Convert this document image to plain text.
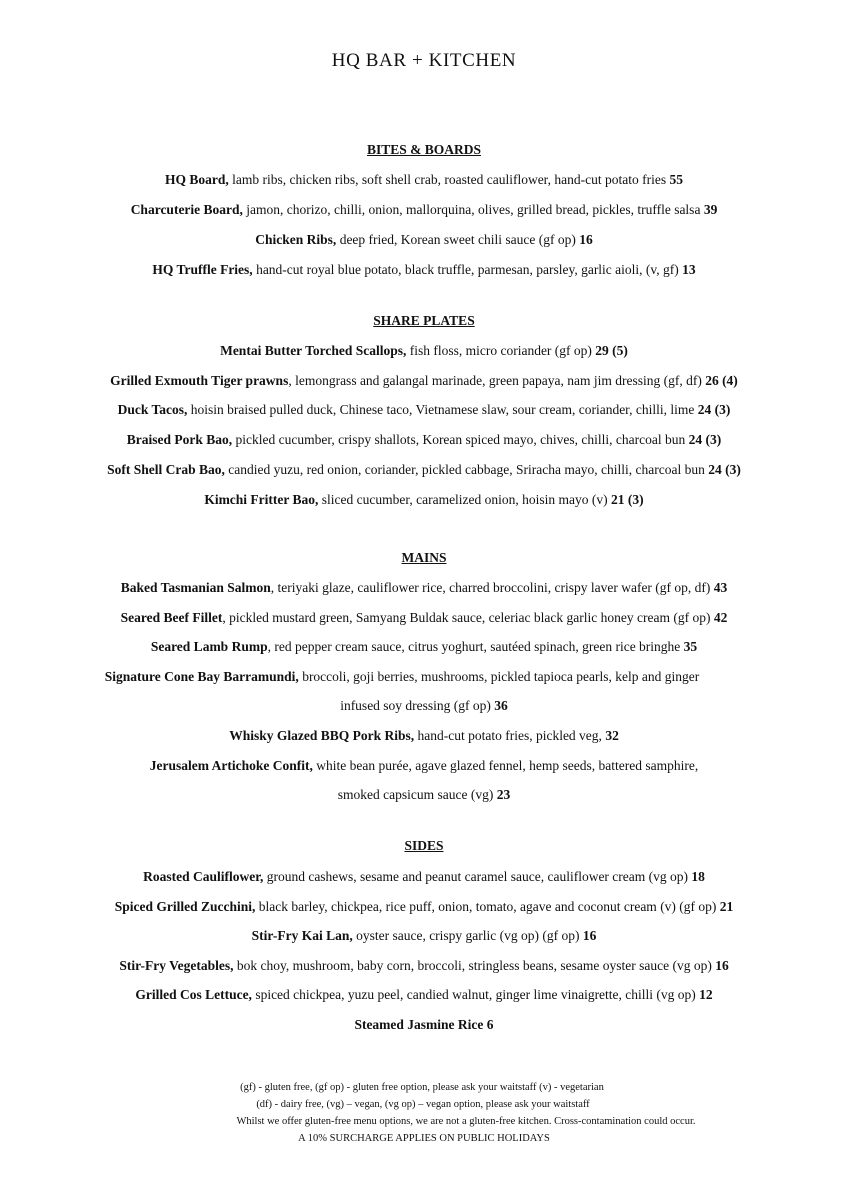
HQ BAR + KITCHEN
BITES & BOARDS
HQ Board, lamb ribs, chicken ribs, soft shell crab, roasted cauliflower, hand-cut potato fries 55
Charcuterie Board, jamon, chorizo, chilli, onion, mallorquina, olives, grilled bread, pickles, truffle salsa 39
Chicken Ribs, deep fried, Korean sweet chili sauce (gf op) 16
HQ Truffle Fries, hand-cut royal blue potato, black truffle, parmesan, parsley, garlic aioli, (v, gf) 13
SHARE PLATES
Mentai Butter Torched Scallops, fish floss, micro coriander (gf op) 29 (5)
Grilled Exmouth Tiger prawns, lemongrass and galangal marinade, green papaya, nam jim dressing (gf, df) 26 (4)
Duck Tacos, hoisin braised pulled duck, Chinese taco, Vietnamese slaw, sour cream, coriander, chilli, lime 24 (3)
Braised Pork Bao, pickled cucumber, crispy shallots, Korean spiced mayo, chives, chilli, charcoal bun 24 (3)
Soft Shell Crab Bao, candied yuzu, red onion, coriander, pickled cabbage, Sriracha mayo, chilli, charcoal bun 24 (3)
Kimchi Fritter Bao, sliced cucumber, caramelized onion, hoisin mayo (v) 21 (3)
MAINS
Baked Tasmanian Salmon, teriyaki glaze, cauliflower rice, charred broccolini, crispy laver wafer (gf op, df) 43
Seared Beef Fillet, pickled mustard green, Samyang Buldak sauce, celeriac black garlic honey cream (gf op) 42
Seared Lamb Rump, red pepper cream sauce, citrus yoghurt, sautéed spinach, green rice bringhe 35
Signature Cone Bay Barramundi, broccoli, goji berries, mushrooms, pickled tapioca pearls, kelp and ginger
infused soy dressing (gf op) 36
Whisky Glazed BBQ Pork Ribs, hand-cut potato fries, pickled veg, 32
Jerusalem Artichoke Confit, white bean purée, agave glazed fennel, hemp seeds, battered samphire,
smoked capsicum sauce (vg) 23
SIDES
Roasted Cauliflower, ground cashews, sesame and peanut caramel sauce, cauliflower cream (vg op) 18
Spiced Grilled Zucchini, black barley, chickpea, rice puff, onion, tomato, agave and coconut cream (v) (gf op) 21
Stir-Fry Kai Lan, oyster sauce, crispy garlic (vg op) (gf op) 16
Stir-Fry Vegetables, bok choy, mushroom, baby corn, broccoli, stringless beans, sesame oyster sauce (vg op) 16
Grilled Cos Lettuce, spiced chickpea, yuzu peel, candied walnut, ginger lime vinaigrette, chilli (vg op) 12
Steamed Jasmine Rice 6
(gf) - gluten free, (gf op) - gluten free option, please ask your waitstaff (v) - vegetarian
(df) - dairy free, (vg) – vegan, (vg op) – vegan option, please ask your waitstaff
Whilst we offer gluten-free menu options, we are not a gluten-free kitchen. Cross-contamination could occur.
A 10% SURCHARGE APPLIES ON PUBLIC HOLIDAYS
